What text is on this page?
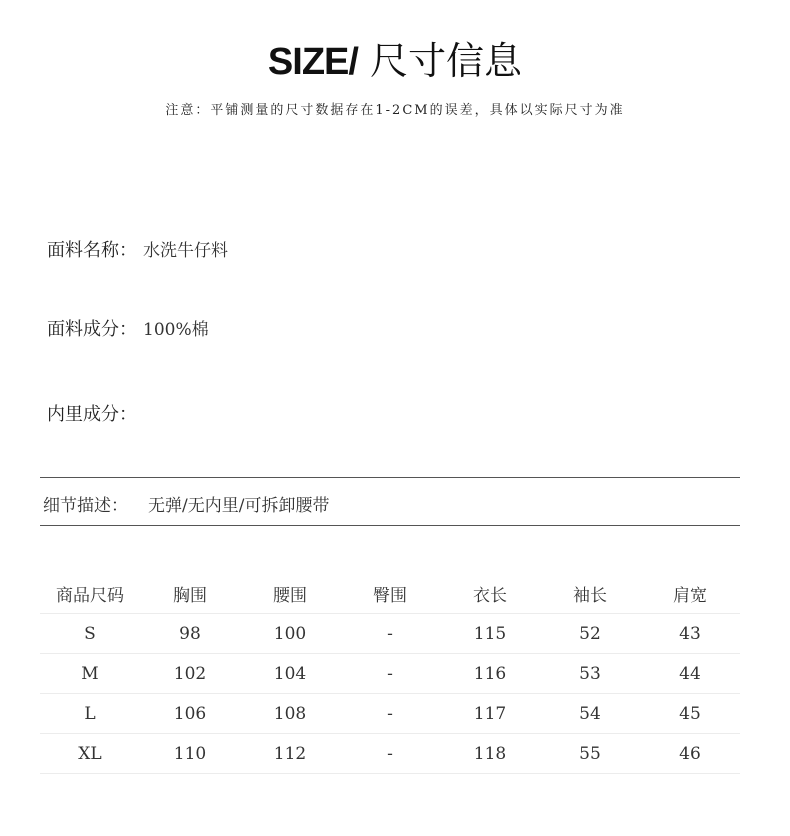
SIZE/ 尺寸信息
注意：平铺测量的尺寸数据存在1-2CM的误差，具体以实际尺寸为准
面料名称： 水洗牛仔料
面料成分： 100%棉
内里成分：
细节描述： 无弹/无内里/可拆卸腰带
商品尺码	胸围	腰围	臀围	衣长	袖长	肩宽
S	98	100	-	115	52	43
M	102	104	-	116	53	44
L	106	108	-	117	54	45
XL	110	112	-	118	55	46
